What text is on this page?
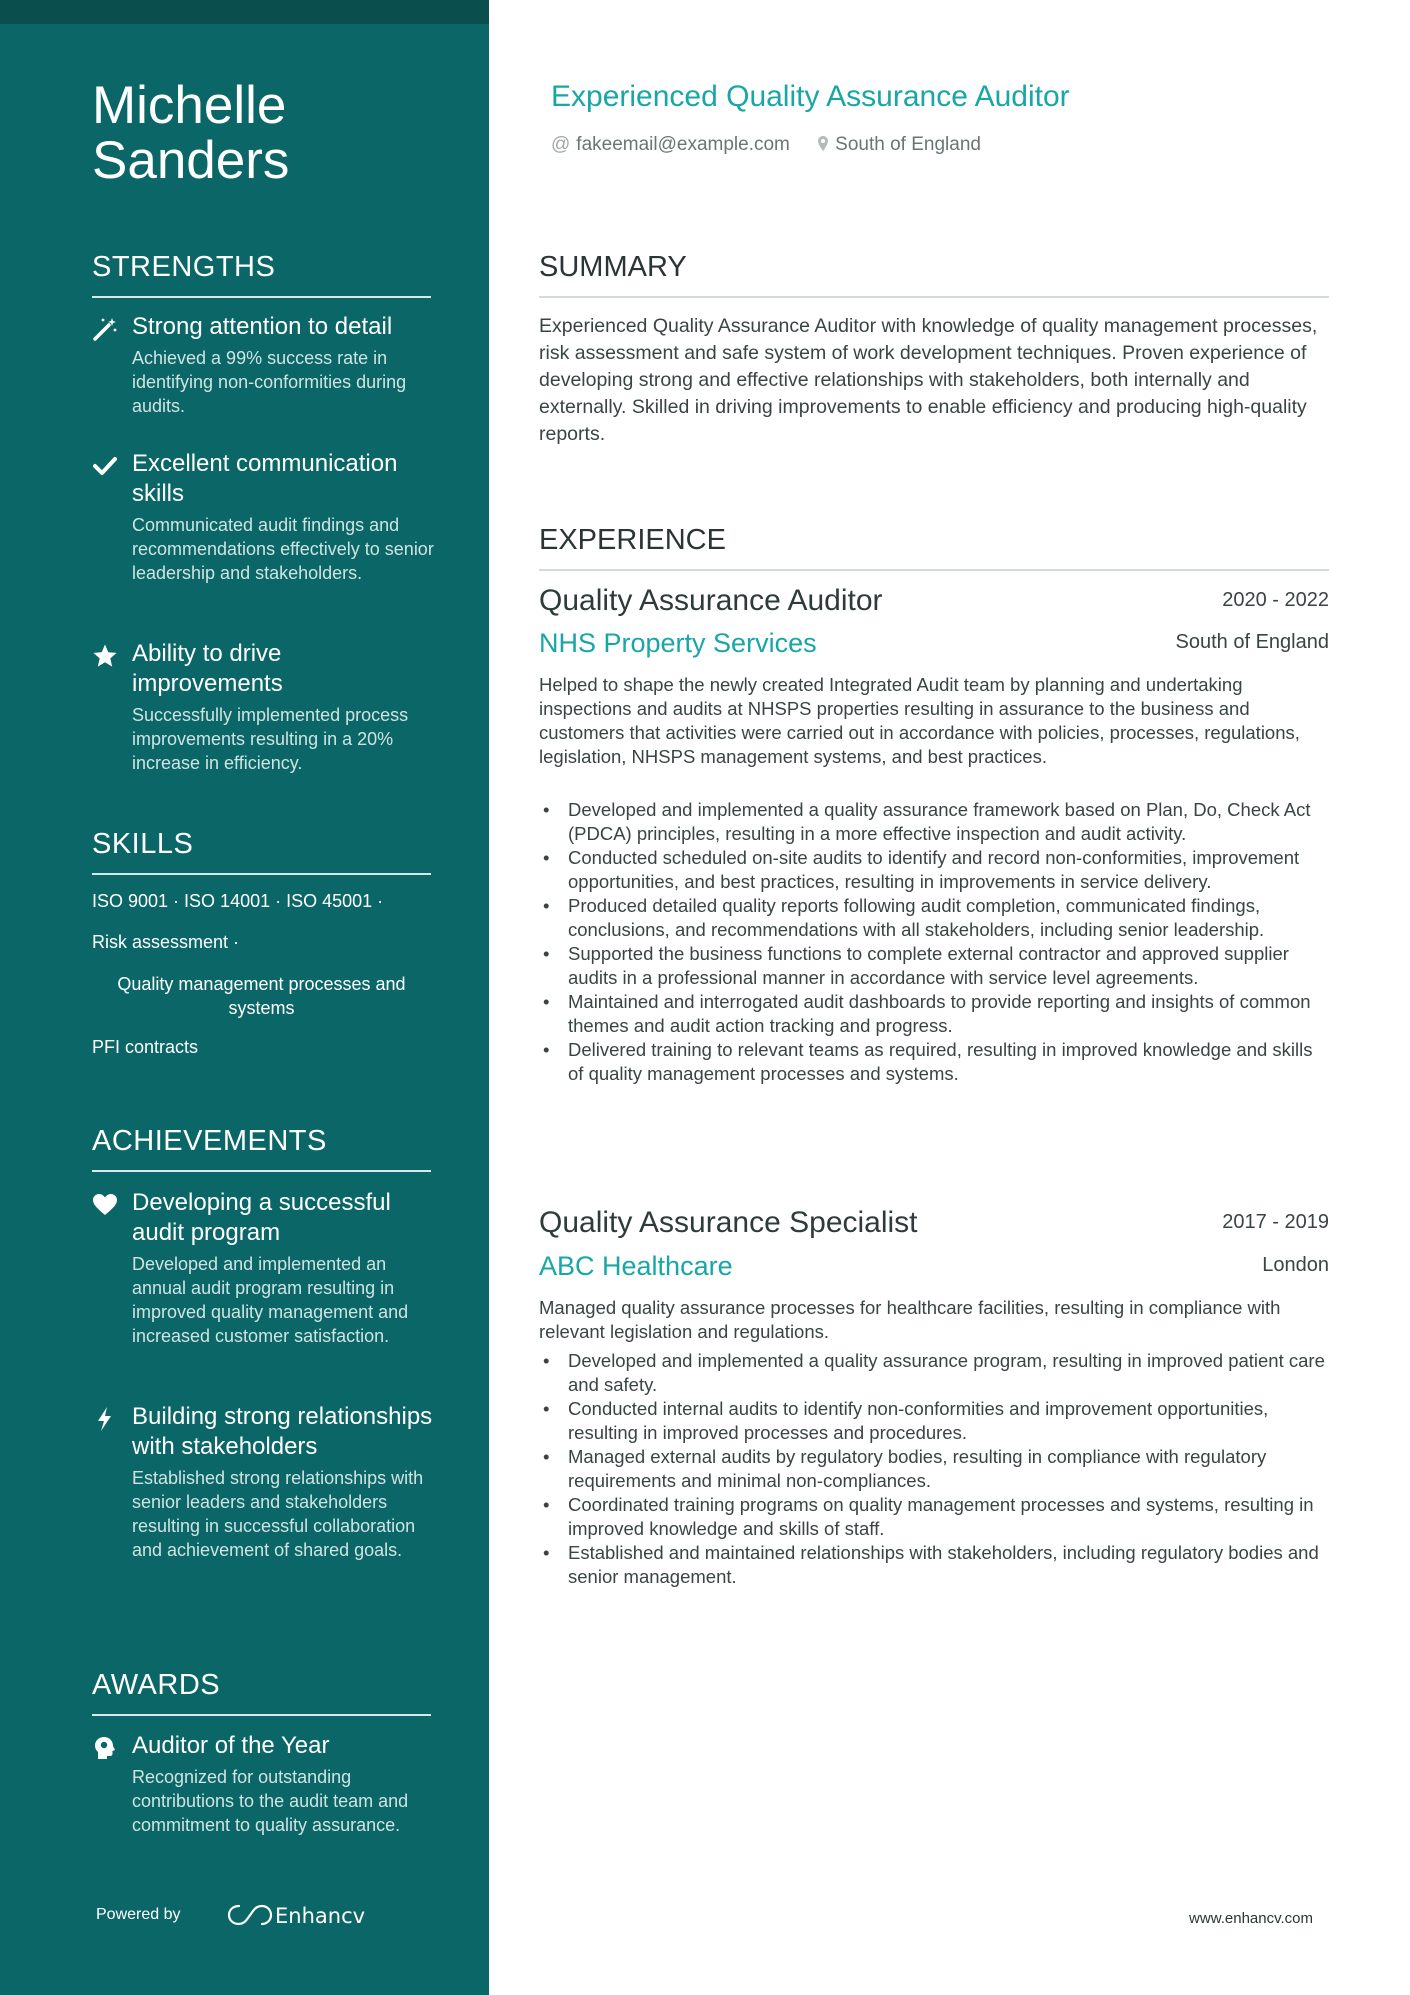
Michelle
Sanders
STRENGTHS
Strong attention to detail
Achieved a 99% success rate in identifying non-conformities during audits.
Excellent communication skills
Communicated audit findings and recommendations effectively to senior leadership and stakeholders.
Ability to drive improvements
Successfully implemented process improvements resulting in a 20% increase in efficiency.
SKILLS
ISO 9001 · ISO 14001 · ISO 45001 ·
Risk assessment ·
Quality management processes and systems
PFI contracts
ACHIEVEMENTS
Developing a successful audit program
Developed and implemented an annual audit program resulting in improved quality management and increased customer satisfaction.
Building strong relationships with stakeholders
Established strong relationships with senior leaders and stakeholders resulting in successful collaboration and achievement of shared goals.
AWARDS
Auditor of the Year
Recognized for outstanding contributions to the audit team and commitment to quality assurance.
Powered by	Enhancv
Experienced Quality Assurance Auditor
@ fakeemail@example.com South of England
SUMMARY
Experienced Quality Assurance Auditor with knowledge of quality management processes, risk assessment and safe system of work development techniques. Proven experience of developing strong and effective relationships with stakeholders, both internally and externally. Skilled in driving improvements to enable efficiency and producing high-quality reports.
EXPERIENCE
Quality Assurance Auditor	2020 - 2022
NHS Property Services	South of England
Helped to shape the newly created Integrated Audit team by planning and undertaking inspections and audits at NHSPS properties resulting in assurance to the business and customers that activities were carried out in accordance with policies, processes, regulations, legislation, NHSPS management systems, and best practices.
• Developed and implemented a quality assurance framework based on Plan, Do, Check Act (PDCA) principles, resulting in a more effective inspection and audit activity.
• Conducted scheduled on-site audits to identify and record non-conformities, improvement opportunities, and best practices, resulting in improvements in service delivery.
• Produced detailed quality reports following audit completion, communicated findings, conclusions, and recommendations with all stakeholders, including senior leadership.
• Supported the business functions to complete external contractor and approved supplier audits in a professional manner in accordance with service level agreements.
• Maintained and interrogated audit dashboards to provide reporting and insights of common themes and audit action tracking and progress.
• Delivered training to relevant teams as required, resulting in improved knowledge and skills of quality management processes and systems.
Quality Assurance Specialist	2017 - 2019
ABC Healthcare	London
Managed quality assurance processes for healthcare facilities, resulting in compliance with relevant legislation and regulations.
• Developed and implemented a quality assurance program, resulting in improved patient care and safety.
• Conducted internal audits to identify non-conformities and improvement opportunities, resulting in improved processes and procedures.
• Managed external audits by regulatory bodies, resulting in compliance with regulatory requirements and minimal non-compliances.
• Coordinated training programs on quality management processes and systems, resulting in improved knowledge and skills of staff.
• Established and maintained relationships with stakeholders, including regulatory bodies and senior management.
www.enhancv.com
